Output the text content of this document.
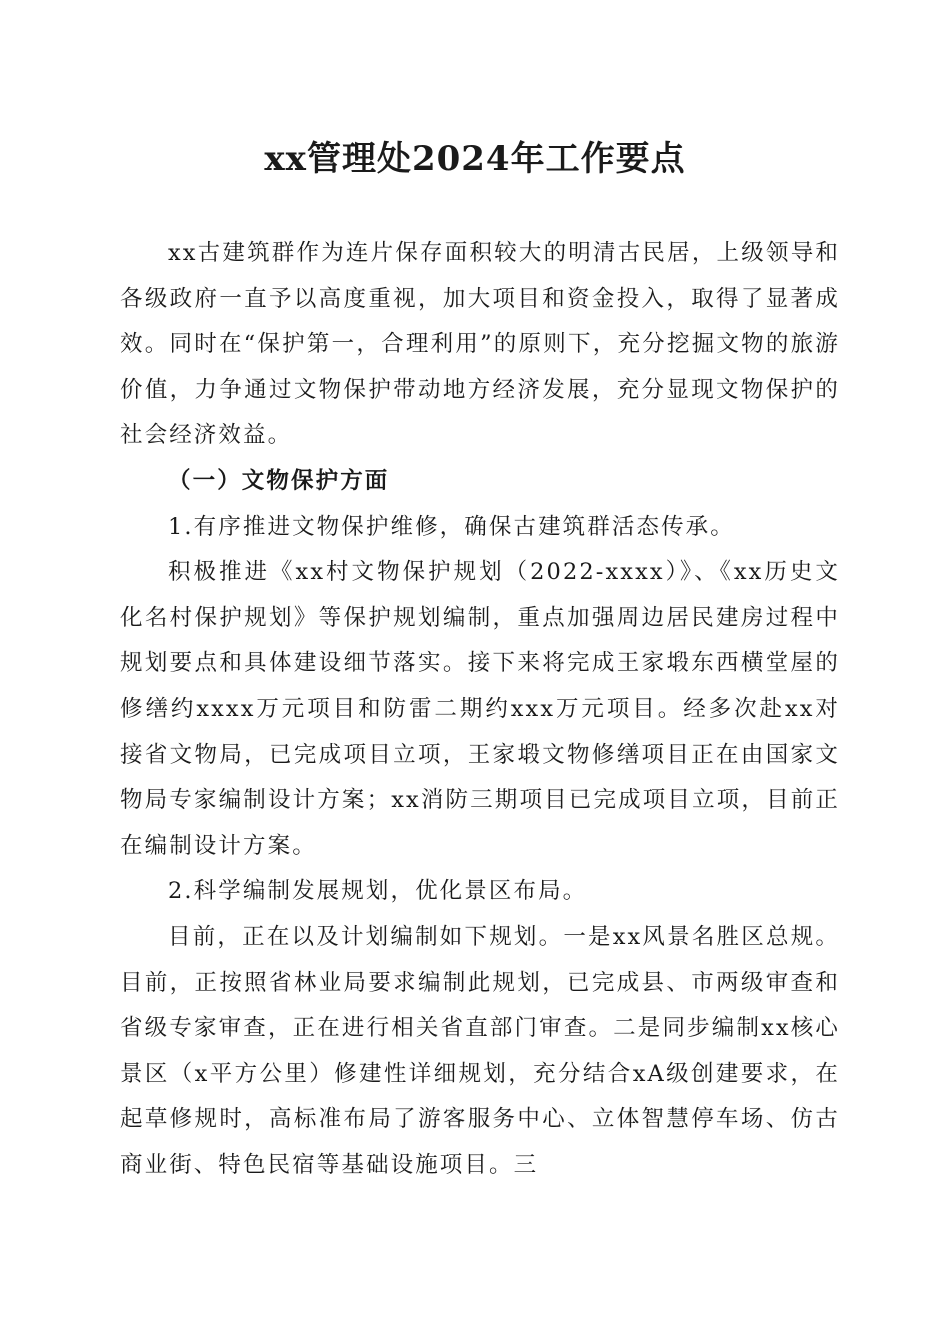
xx管理处2024年工作要点

xx古建筑群作为连片保存面积较大的明清古民居，上级领导和各级政府一直予以高度重视，加大项目和资金投入，取得了显著成效。同时在“保护第一，合理利用”的原则下，充分挖掘文物的旅游价值，力争通过文物保护带动地方经济发展，充分显现文物保护的社会经济效益。

（一）文物保护方面

1.有序推进文物保护维修，确保古建筑群活态传承。

积极推进《xx村文物保护规划（2022-xxxx）》、《xx历史文化名村保护规划》等保护规划编制，重点加强周边居民建房过程中规划要点和具体建设细节落实。接下来将完成王家塅东西横堂屋的修缮约xxxx万元项目和防雷二期约xxx万元项目。经多次赴xx对接省文物局，已完成项目立项，王家塅文物修缮项目正在由国家文物局专家编制设计方案；xx消防三期项目已完成项目立项，目前正在编制设计方案。

2.科学编制发展规划，优化景区布局。

目前，正在以及计划编制如下规划。一是xx风景名胜区总规。目前，正按照省林业局要求编制此规划，已完成县、市两级审查和省级专家审查，正在进行相关省直部门审查。二是同步编制xx核心景区（x平方公里）修建性详细规划，充分结合xA级创建要求，在起草修规时，高标准布局了游客服务中心、立体智慧停车场、仿古商业街、特色民宿等基础设施项目。三
